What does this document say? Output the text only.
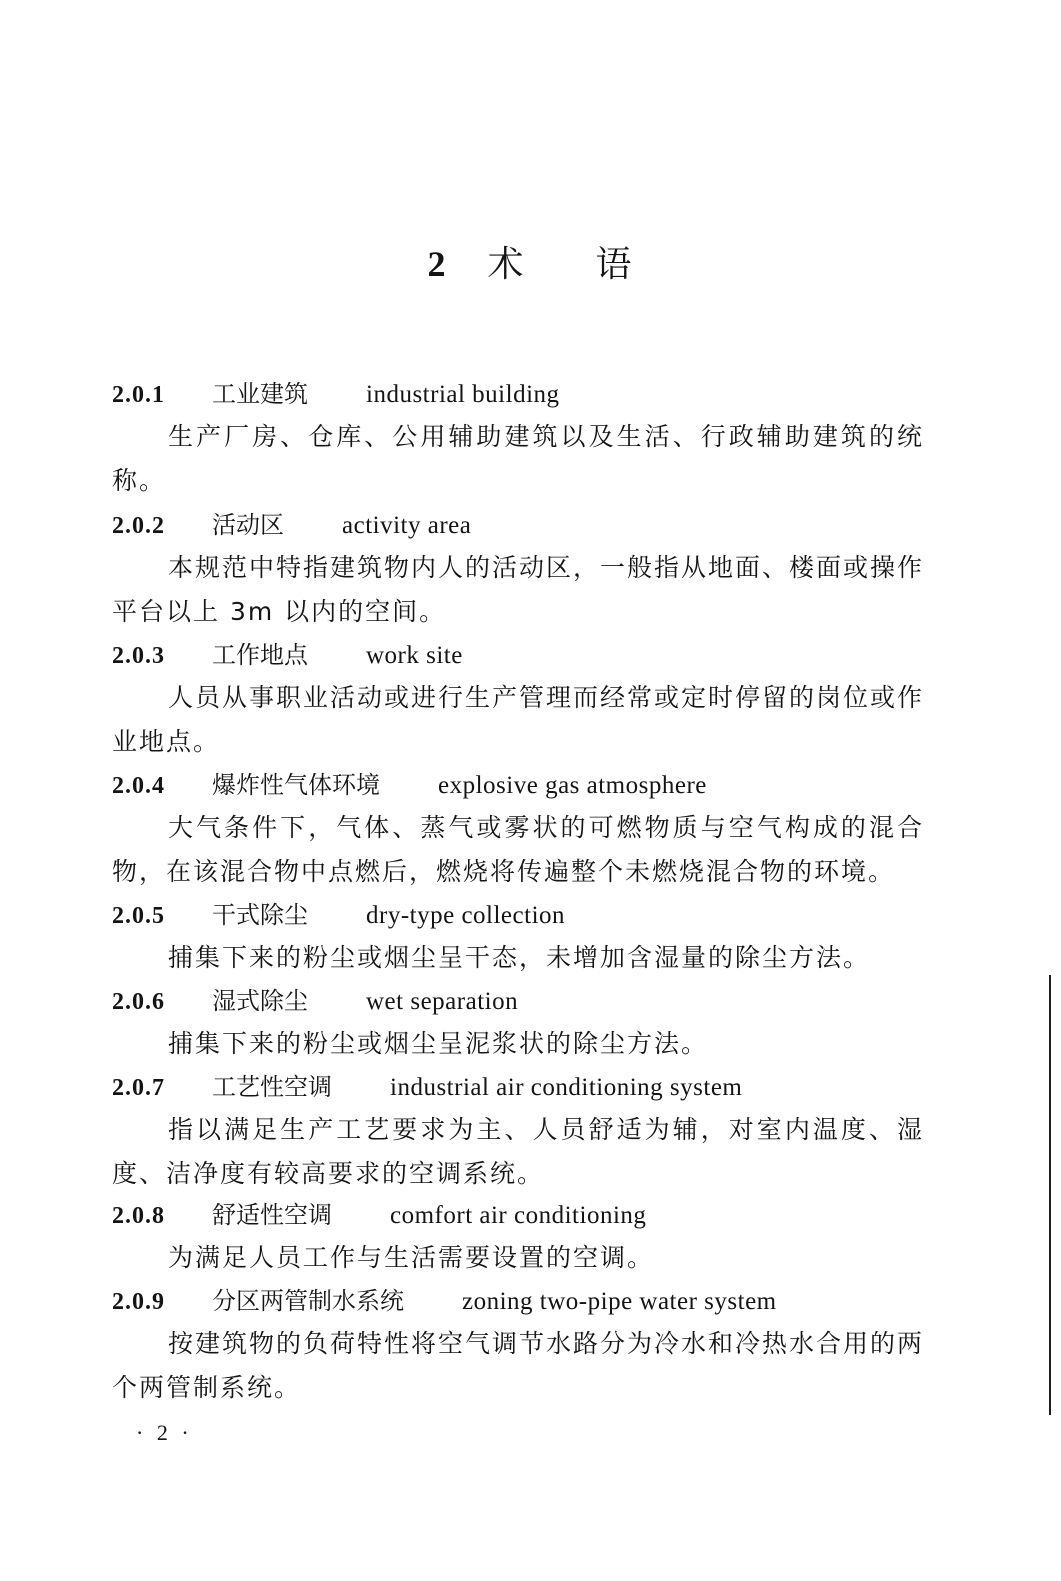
2 术 语
2.0.1 工业建筑 industrial building
生产厂房、仓库、公用辅助建筑以及生活、行政辅助建筑的统称。
2.0.2 活动区 activity area
本规范中特指建筑物内人的活动区，一般指从地面、楼面或操作平台以上 3m 以内的空间。
2.0.3 工作地点 work site
人员从事职业活动或进行生产管理而经常或定时停留的岗位或作业地点。
2.0.4 爆炸性气体环境 explosive gas atmosphere
大气条件下，气体、蒸气或雾状的可燃物质与空气构成的混合物，在该混合物中点燃后，燃烧将传遍整个未燃烧混合物的环境。
2.0.5 干式除尘 dry-type collection
捕集下来的粉尘或烟尘呈干态，未增加含湿量的除尘方法。
2.0.6 湿式除尘 wet separation
捕集下来的粉尘或烟尘呈泥浆状的除尘方法。
2.0.7 工艺性空调 industrial air conditioning system
指以满足生产工艺要求为主、人员舒适为辅，对室内温度、湿度、洁净度有较高要求的空调系统。
2.0.8 舒适性空调 comfort air conditioning
为满足人员工作与生活需要设置的空调。
2.0.9 分区两管制水系统 zoning two-pipe water system
按建筑物的负荷特性将空气调节水路分为冷水和冷热水合用的两个两管制系统。
· 2 ·
